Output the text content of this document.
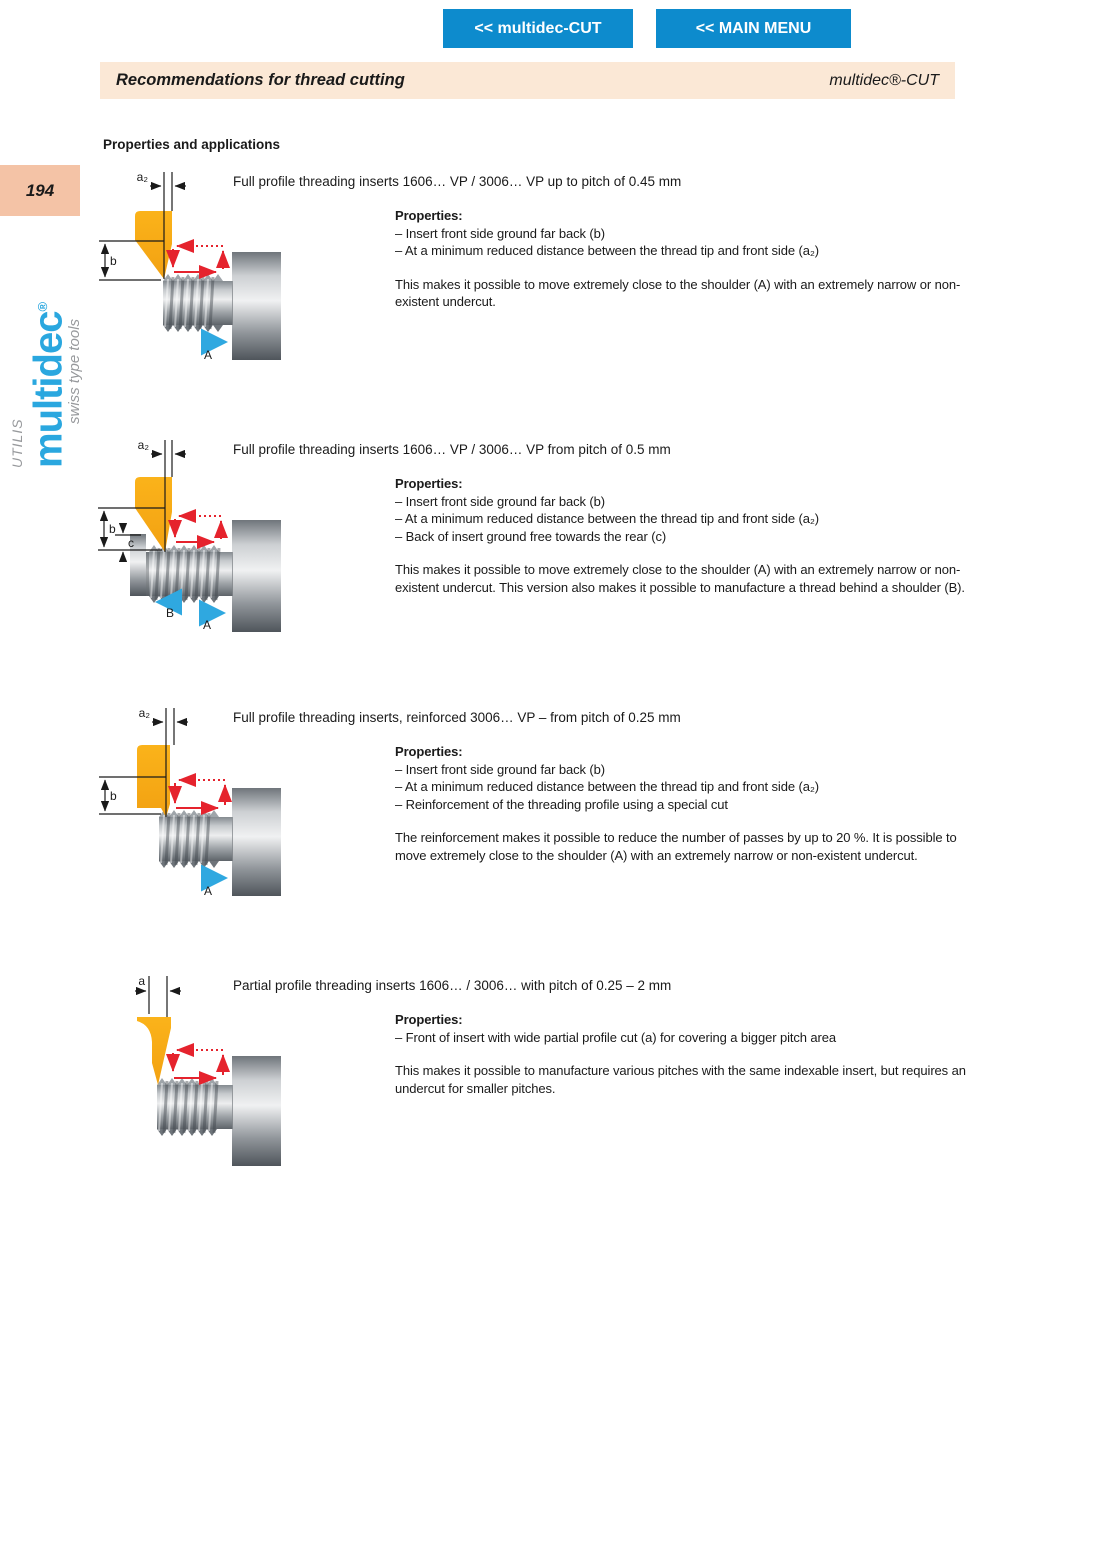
<< multidec-CUT	<< MAIN MENU
Recommendations for thread cutting	multidec®-CUT
194
UTILIS multidec®
swiss type tools
Properties and applications
Full profile threading inserts 1606… VP / 3006… VP up to pitch of 0.45 mm
a₂
b
A
Properties:
– Insert front side ground far back (b)
– At a minimum reduced distance between the thread tip and front side (a₂)
This makes it possible to move extremely close to the shoulder (A) with an extremely narrow or non-existent undercut.
Full profile threading inserts 1606… VP / 3006… VP from pitch of 0.5 mm
a₂
b
c
B
A
Properties:
– Insert front side ground far back (b)
– At a minimum reduced distance between the thread tip and front side (a₂)
– Back of insert ground free towards the rear (c)
This makes it possible to move extremely close to the shoulder (A) with an extremely narrow or non-existent undercut. This version also makes it possible to manufacture a thread behind a shoulder (B).
Full profile threading inserts, reinforced 3006… VP – from pitch of 0.25 mm
a₂
b
A
Properties:
– Insert front side ground far back (b)
– At a minimum reduced distance between the thread tip and front side (a₂)
– Reinforcement of the threading profile using a special cut
The reinforcement makes it possible to reduce the number of passes by up to 20 %. It is possible to move extremely close to the shoulder (A) with an extremely narrow or non-existent undercut.
Partial profile threading inserts 1606… / 3006… with pitch of 0.25 – 2 mm
a
Properties:
– Front of insert with wide partial profile cut (a) for covering a bigger pitch area
This makes it possible to manufacture various pitches with the same indexable insert, but requires an undercut for smaller pitches.
